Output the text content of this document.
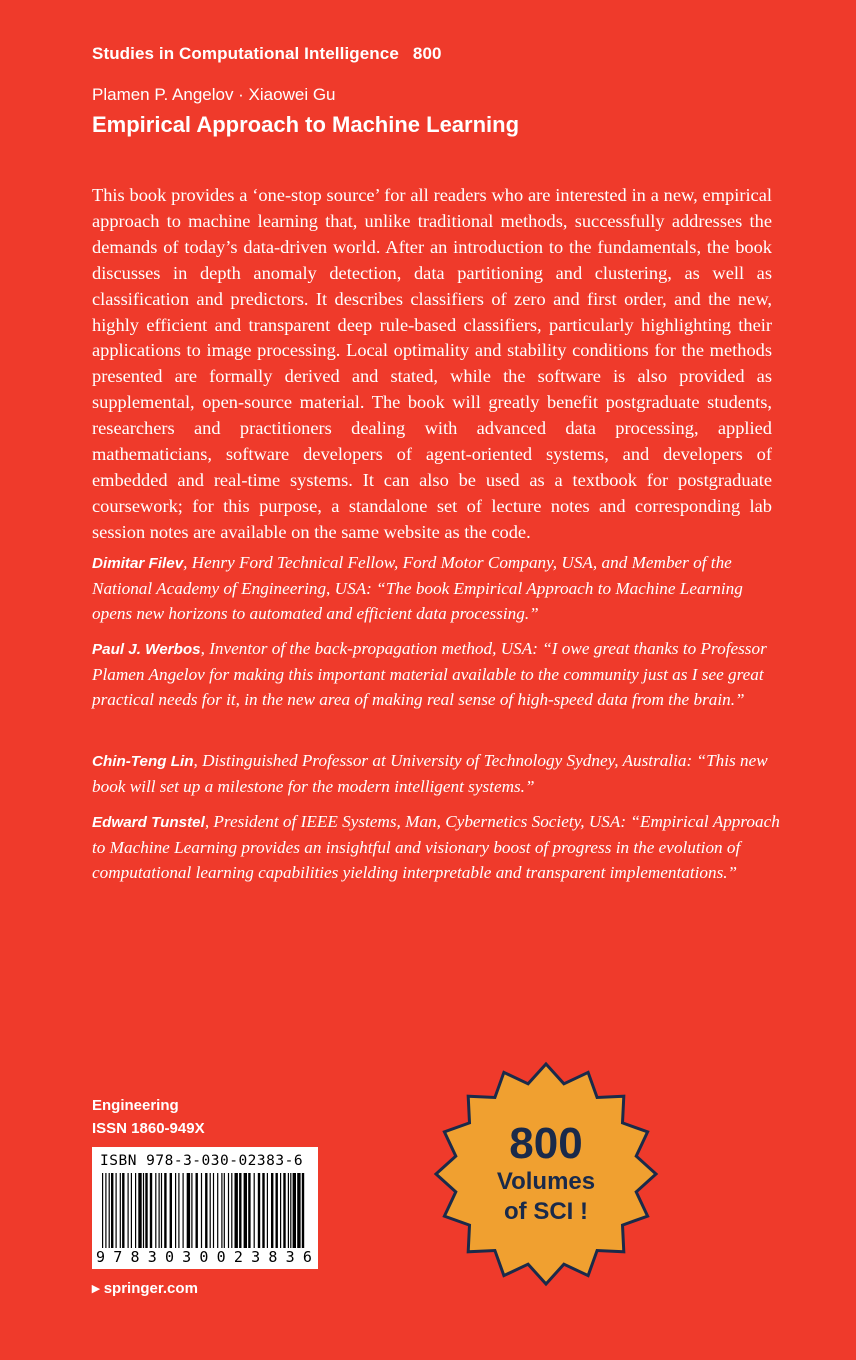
Studies in Computational Intelligence 800
Plamen P. Angelov · Xiaowei Gu
Empirical Approach to Machine Learning

This book provides a ‘one-stop source’ for all readers who are interested in a new, empirical approach to machine learning that, unlike traditional methods, successfully addresses the demands of today’s data-driven world. After an introduction to the fundamentals, the book discusses in depth anomaly detection, data partitioning and clustering, as well as classification and predictors. It describes classifiers of zero and first order, and the new, highly efficient and transparent deep rule-based classifiers, particularly highlighting their applications to image processing. Local optimality and stability conditions for the methods presented are formally derived and stated, while the software is also provided as supplemental, open-source material. The book will greatly benefit postgraduate students, researchers and practitioners dealing with advanced data processing, applied mathematicians, software developers of agent-oriented systems, and developers of embedded and real-time systems. It can also be used as a textbook for postgraduate coursework; for this purpose, a standalone set of lecture notes and corresponding lab session notes are available on the same website as the code.

Dimitar Filev, Henry Ford Technical Fellow, Ford Motor Company, USA, and Member of the National Academy of Engineering, USA: “The book Empirical Approach to Machine Learning opens new horizons to automated and efficient data processing.”

Paul J. Werbos, Inventor of the back-propagation method, USA: “I owe great thanks to Professor Plamen Angelov for making this important material available to the community just as I see great practical needs for it, in the new area of making real sense of high-speed data from the brain.”

Chin-Teng Lin, Distinguished Professor at University of Technology Sydney, Australia: “This new book will set up a milestone for the modern intelligent systems.”

Edward Tunstel, President of IEEE Systems, Man, Cybernetics Society, USA: “Empirical Approach to Machine Learning provides an insightful and visionary boost of progress in the evolution of computational learning capabilities yielding interpretable and transparent implementations.”

Engineering
ISSN 1860-949X
ISBN 978-3-030-02383-6
9 7 8 3 0 3 0 0 2 3 8 3 6
▸ springer.com
800
Volumes
of SCI !
